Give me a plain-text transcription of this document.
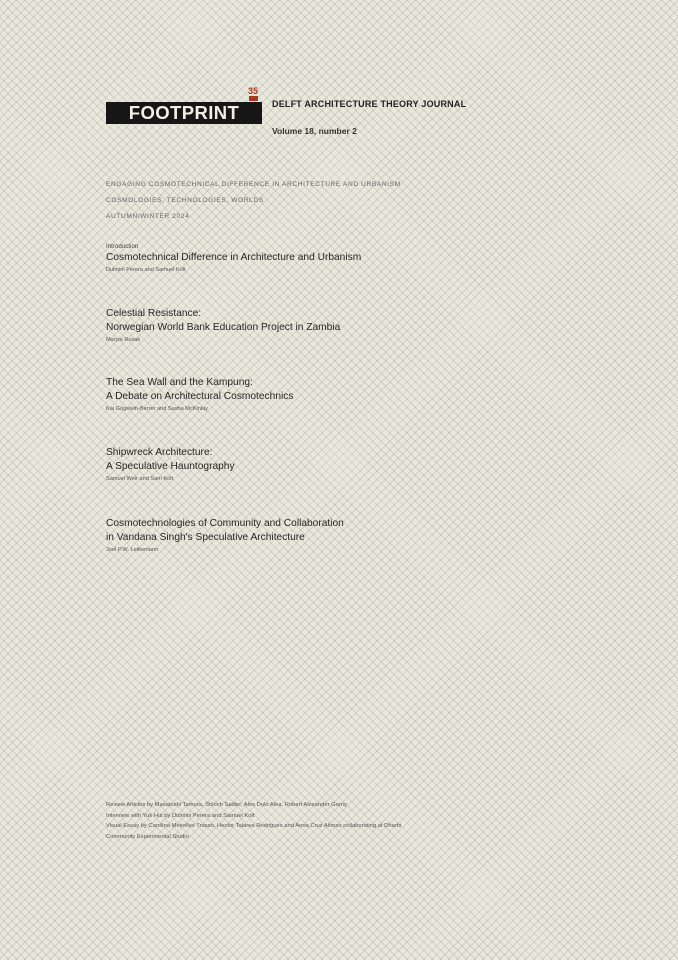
35
FOOTPRINT	DELFT ARCHITECTURE THEORY JOURNAL
Volume 18, number 2
ENGAGING COSMOTECHNICAL DIFFERENCE IN ARCHITECTURE AND URBANISM
COSMOLOGIES, TECHNOLOGIES, WORLDS
AUTUMN/WINTER 2024
Introduction
Cosmotechnical Difference in Architecture and Urbanism
Dulmini Perera and Samuel Kolt
Celestial Resistance:
Norwegian World Bank Education Project in Zambia
Maryia Rusak
The Sea Wall and the Kampung:
A Debate on Architectural Cosmotechnics
Kai Gögelein-Berrer and Sasha McKinlay
Shipwreck Architecture:
A Speculative Hauntography
Samuel Weir and Sam Kolt
Cosmotechnologies of Community and Collaboration
in Vandana Singh's Speculative Architecture
Joel P.W. Letkemann
Review Articles by Masatoshi Tamura, Shloch Sadler, Alex Dolo Alea, Robert Alexander Gorny
Interview with Yuk Hui by Dulmini Perera and Samuel Kolt
Visual Essay by Carolina Meirelles Trasso, Hector Talarea Rodrigues and Anna Cruz Alonso collaborating at Dharbi
Community Experimental Studio
